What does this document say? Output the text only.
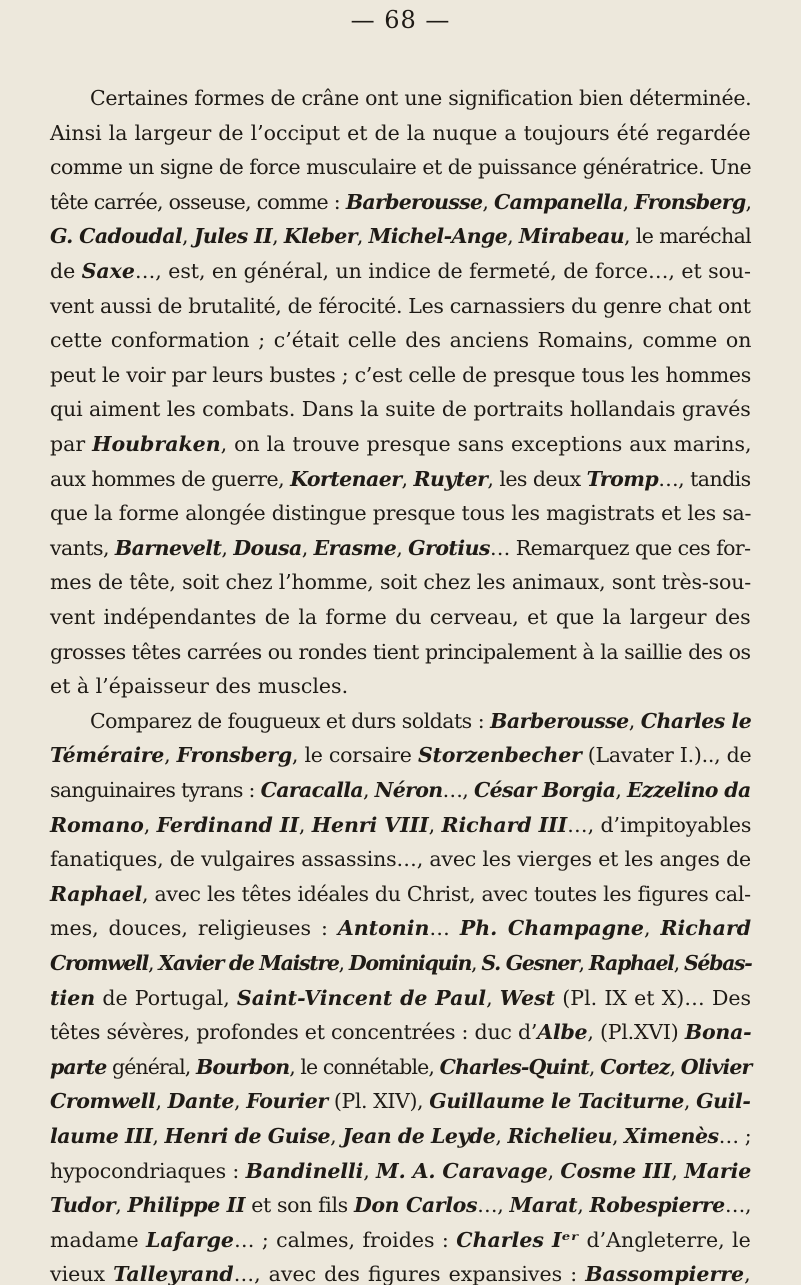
— 68 —
Certaines formes de crâne ont une signification bien déterminée.
Ainsi la largeur de l’occiput et de la nuque a toujours été regardée
comme un signe de force musculaire et de puissance génératrice. Une
tête carrée, osseuse, comme : Barberousse, Campanella, Fronsberg,
G. Cadoudal, Jules II, Kleber, Michel-Ange, Mirabeau, le maréchal
de Saxe…, est, en général, un indice de fermeté, de force…, et sou-
vent aussi de brutalité, de férocité. Les carnassiers du genre chat ont
cette conformation ; c’était celle des anciens Romains, comme on
peut le voir par leurs bustes ; c’est celle de presque tous les hommes
qui aiment les combats. Dans la suite de portraits hollandais gravés
par Houbraken, on la trouve presque sans exceptions aux marins,
aux hommes de guerre, Kortenaer, Ruyter, les deux Tromp…, tandis
que la forme alongée distingue presque tous les magistrats et les sa-
vants, Barnevelt, Dousa, Erasme, Grotius… Remarquez que ces for-
mes de tête, soit chez l’homme, soit chez les animaux, sont très-sou-
vent indépendantes de la forme du cerveau, et que la largeur des
grosses têtes carrées ou rondes tient principalement à la saillie des os
et à l’épaisseur des muscles.
Comparez de fougueux et durs soldats : Barberousse, Charles le
Téméraire, Fronsberg, le corsaire Storzenbecher (Lavater I.).., de
sanguinaires tyrans : Caracalla, Néron…, César Borgia, Ezzelino da
Romano, Ferdinand II, Henri VIII, Richard III…, d’impitoyables
fanatiques, de vulgaires assassins…, avec les vierges et les anges de
Raphael, avec les têtes idéales du Christ, avec toutes les figures cal-
mes, douces, religieuses : Antonin… Ph. Champagne, Richard
Cromwell, Xavier de Maistre, Dominiquin, S. Gesner, Raphael, Sébas-
tien de Portugal, Saint-Vincent de Paul, West (Pl. IX et X)… Des
têtes sévères, profondes et concentrées : duc d’Albe, (Pl.XVI) Bona-
parte général, Bourbon, le connétable, Charles-Quint, Cortez, Olivier
Cromwell, Dante, Fourier (Pl. XIV), Guillaume le Taciturne, Guil-
laume III, Henri de Guise, Jean de Leyde, Richelieu, Ximenès… ;
hypocondriaques : Bandinelli, M. A. Caravage, Cosme III, Marie
Tudor, Philippe II et son fils Don Carlos…, Marat, Robespierre…,
madame Lafarge… ; calmes, froides : Charles Iᵉʳ d’Angleterre, le
vieux Talleyrand…, avec des figures expansives : Bassompierre,
